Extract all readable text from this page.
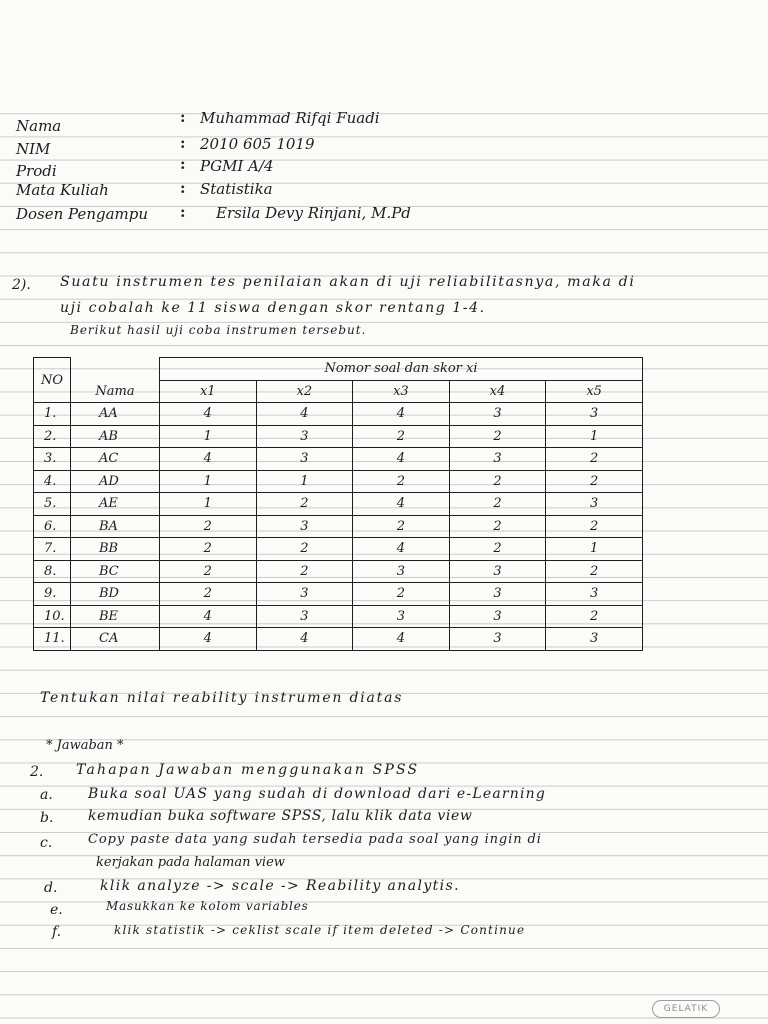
Nama	: Muhammad Rifqi Fuadi
NIM	: 2010 605 1019
Prodi	: PGMI A/4
Mata Kuliah	: Statistika
Dosen Pengampu : Ersila Devy Rinjani, M.Pd
2). Suatu instrumen tes penilaian akan di uji reliabilitasnya, maka di
uji cobalah ke 11 siswa dengan skor rentang 1-4.
Berikut hasil uji coba instrumen tersebut.
NO		Nomor soal dan skor xi				
	Nama	x1	x2	x3	x4	x5
1.	AA	4	4	4	3	3
2.	AB	1	3	2	2	1
3.	AC	4	3	4	3	2
4.	AD	1	1	2	2	2
5.	AE	1	2	4	2	3
6.	BA	2	3	2	2	2
7.	BB	2	2	4	2	1
8.	BC	2	2	3	3	2
9.	BD	2	3	2	3	3
10.	BE	4	3	3	3	2
11.	CA	4	4	4	3	3
Tentukan nilai reability instrumen diatas
* Jawaban *
2. Tahapan Jawaban menggunakan SPSS
a.	Buka soal UAS yang sudah di download dari e-Learning
b. kemudian buka software SPSS, lalu klik data view
c.	Copy paste data yang sudah tersedia pada soal yang ingin di
kerjakan pada halaman view
d.	klik analyze -> scale -> Reability analytis.
e.	Masukkan ke kolom variables
f.	klik statistik -> ceklist scale if item deleted -> Continue
GELATIK
